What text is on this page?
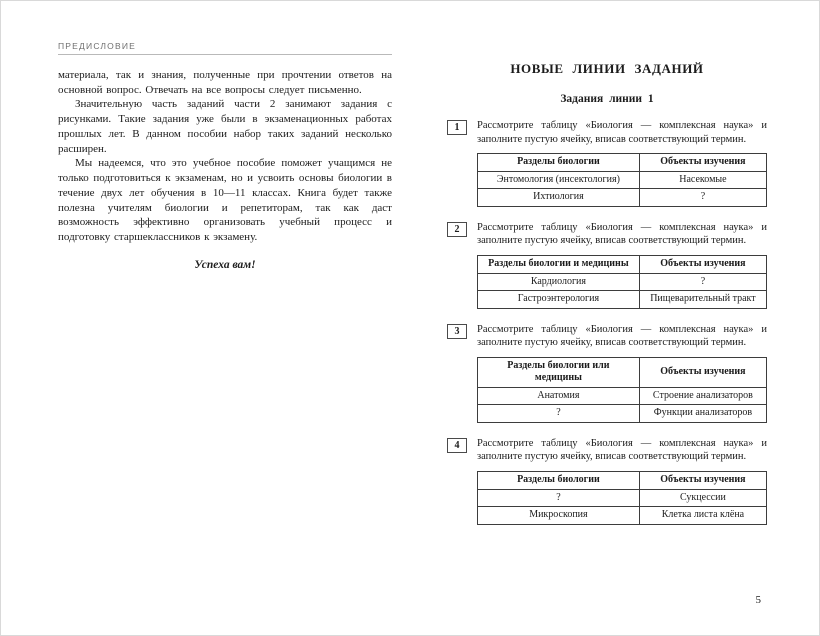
ПРЕДИСЛОВИЕ

материала, так и знания, полученные при прочтении ответов на основной вопрос. Отвечать на все вопросы следует письменно.

Значительную часть заданий части 2 занимают задания с рисунками. Такие задания уже были в экзаменационных работах прошлых лет. В данном пособии набор таких заданий несколько расширен.

Мы надеемся, что это учебное пособие поможет учащимся не только подготовиться к экзаменам, но и усвоить основы биологии в течение двух лет обучения в 10—11 классах. Книга будет также полезна учителям биологии и репетиторам, так как даст возможность эффективно организовать учебный процесс и подготовку старшеклассников к экзамену.

Успеха вам!

НОВЫЕ ЛИНИИ ЗАДАНИЙ
Задания линии 1
1	Рассмотрите таблицу «Биология — комплексная наука» и заполните пустую ячейку, вписав соответствующий термин.

Разделы биологии	Объекты изучения
Энтомология (инсектология)	Насекомые
Ихтиология	?
2	Рассмотрите таблицу «Биология — комплексная наука» и заполните пустую ячейку, вписав соответствующий термин.

Разделы биологии и медицины	Объекты изучения
Кардиология	?
Гастроэнтерология	Пищеварительный тракт
3	Рассмотрите таблицу «Биология — комплексная наука» и заполните пустую ячейку, вписав соответствующий термин.

Разделы биологии или медицины	Объекты изучения
Анатомия	Строение анализаторов
?	Функции анализаторов
4	Рассмотрите таблицу «Биология — комплексная наука» и заполните пустую ячейку, вписав соответствующий термин.

Разделы биологии	Объекты изучения
?	Сукцессии
Микроскопия	Клетка листа клёна
5
